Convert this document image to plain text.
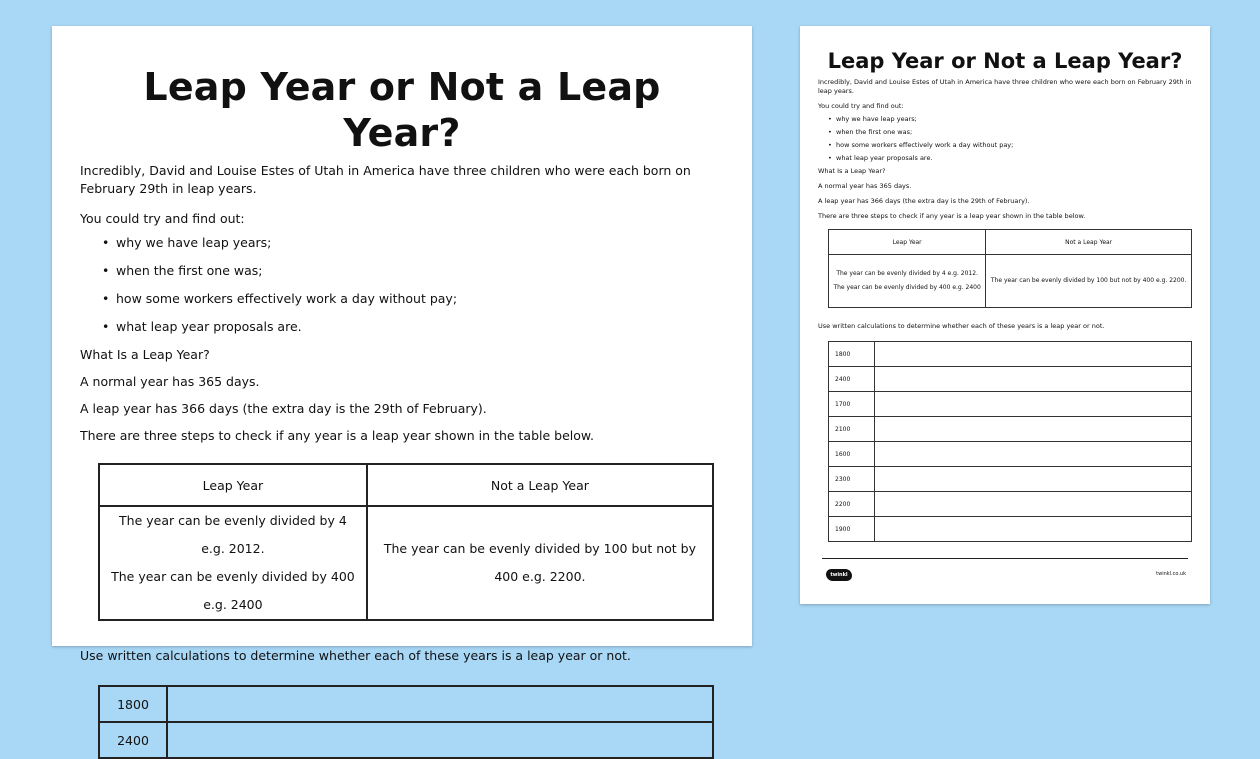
Leap Year or Not a Leap Year?

Incredibly, David and Louise Estes of Utah in America have three children who were each born on February 29th in leap years.

You could try and find out:

• why we have leap years;
• when the first one was;
• how some workers effectively work a day without pay;
• what leap year proposals are.

What Is a Leap Year?

A normal year has 365 days.

A leap year has 366 days (the extra day is the 29th of February).

There are three steps to check if any year is a leap year shown in the table below.

Leap Year	Not a Leap Year

The year can be evenly divided by 4 e.g. 2012.
The year can be evenly divided by 400 e.g. 2400	The year can be evenly divided by 100 but not by 400 e.g. 2200.

Use written calculations to determine whether each of these years is a leap year or not.

1800	
2400	
Leap Year or Not a Leap Year?

Incredibly, David and Louise Estes of Utah in America have three children who were each born on February 29th in leap years.

You could try and find out:

• why we have leap years;
• when the first one was;
• how some workers effectively work a day without pay;
• what leap year proposals are.

What Is a Leap Year?

A normal year has 365 days.

A leap year has 366 days (the extra day is the 29th of February).

There are three steps to check if any year is a leap year shown in the table below.

Leap Year	Not a Leap Year

The year can be evenly divided by 4 e.g. 2012.
The year can be evenly divided by 400 e.g. 2400	The year can be evenly divided by 100 but not by 400 e.g. 2200.

Use written calculations to determine whether each of these years is a leap year or not.

1800	
2400	
1700	
2100	
1600	
2300	
2200	
1900	
twinkl	twinkl.co.uk
